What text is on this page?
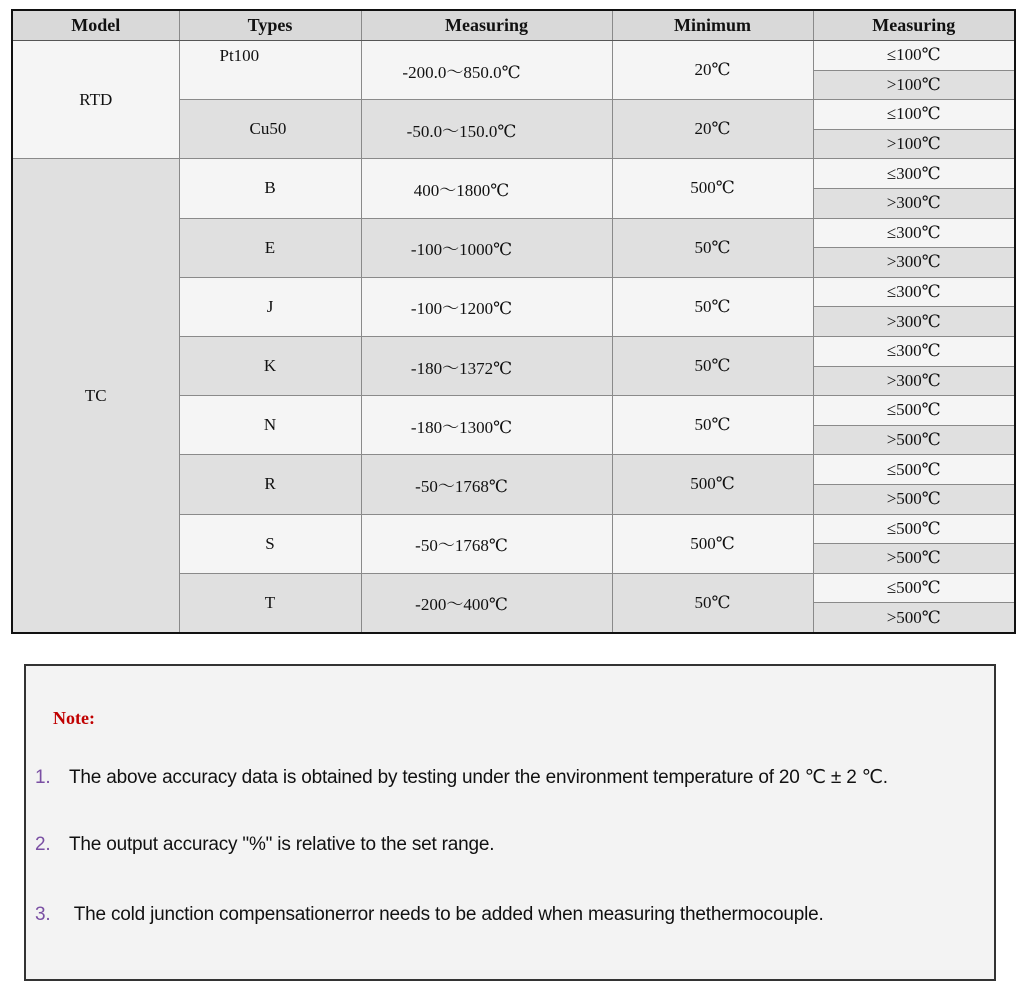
Model	Types	Measuring	Minimum	Measuring
RTD	Pt100	-200.0～850.0℃	20℃	≤100℃
				>100℃
	Cu50	-50.0～150.0℃	20℃	≤100℃
				>100℃
TC	B	400～1800℃	500℃	≤300℃
				>300℃
	E	-100～1000℃	50℃	≤300℃
				>300℃
	J	-100～1200℃	50℃	≤300℃
				>300℃
	K	-180～1372℃	50℃	≤300℃
				>300℃
	N	-180～1300℃	50℃	≤500℃
				>500℃
	R	-50～1768℃	500℃	≤500℃
				>500℃
	S	-50～1768℃	500℃	≤500℃
				>500℃
	T	-200～400℃	50℃	≤500℃
				>500℃
Note:
1. The above accuracy data is obtained by testing under the environment temperature of 20 ℃ ± 2 ℃.
2. The output accuracy "%" is relative to the set range.
3. The cold junction compensationerror needs to be added when measuring thethermocouple.
